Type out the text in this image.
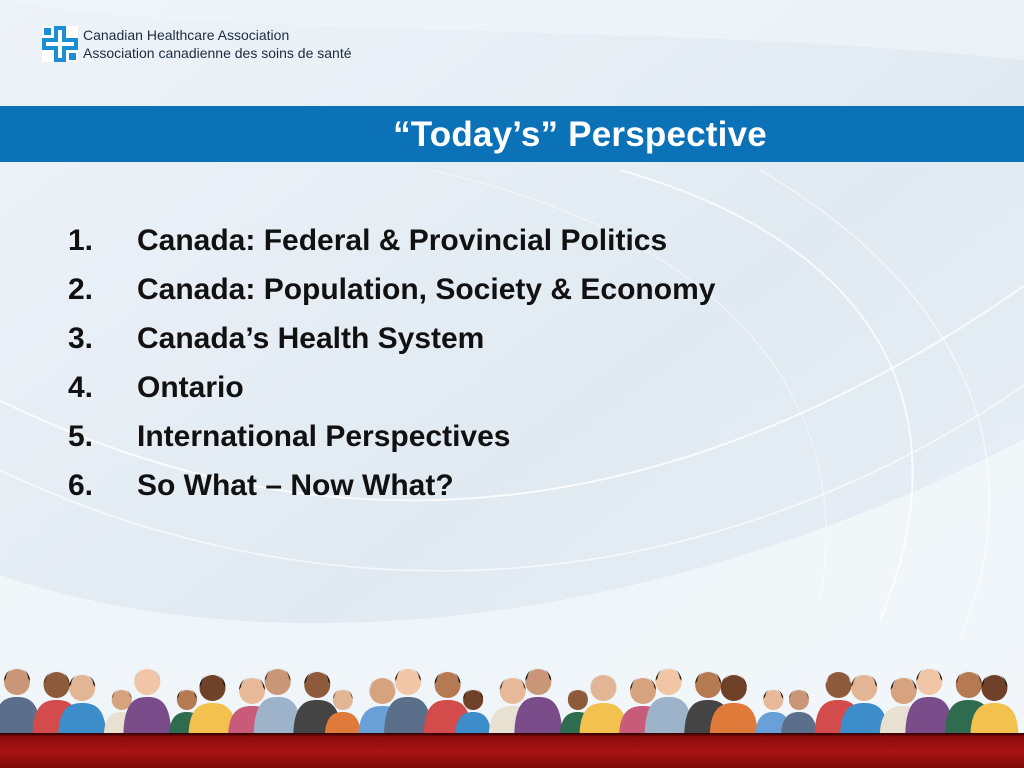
Canadian Healthcare Association
Association canadienne des soins de santé
“Today’s” Perspective
1.	Canada: Federal & Provincial Politics
2.	Canada: Population, Society & Economy
3.	Canada’s Health System
4.	Ontario
5.	International Perspectives
6.	So What – Now What?
